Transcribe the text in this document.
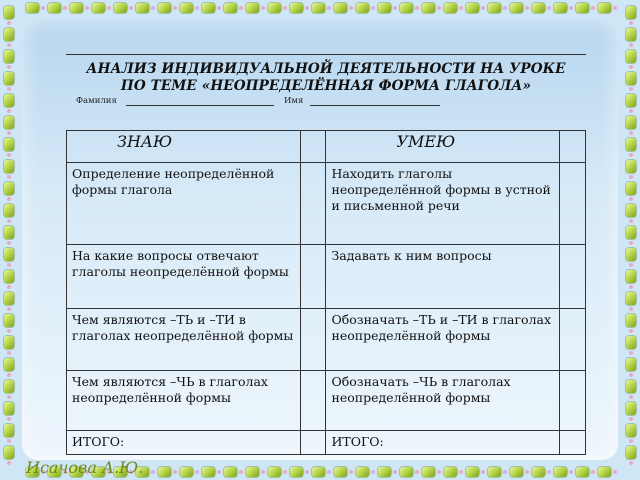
АНАЛИЗ ИНДИВИДУАЛЬНОЙ ДЕЯТЕЛЬНОСТИ НА УРОКЕ
ПО ТЕМЕ «НЕОПРЕДЕЛЁННАЯ ФОРМА ГЛАГОЛА»
Фамилия	Имя
ЗНАЮ		УМЕЮ	

Определение неопределённой формы глагола		Находить глаголы неопределённой формы в устной и письменной речи	
На какие вопросы отвечают глаголы неопределённой формы		Задавать к ним вопросы	
Чем являются –ТЬ и –ТИ в глаголах неопределённой формы		Обозначать –ТЬ и –ТИ в глаголах неопределённой формы	
Чем являются –ЧЬ в глаголах неопределённой формы		Обозначать –ЧЬ в глаголах неопределённой формы	
ИТОГО:		ИТОГО:	
Исачова А.Ю.
